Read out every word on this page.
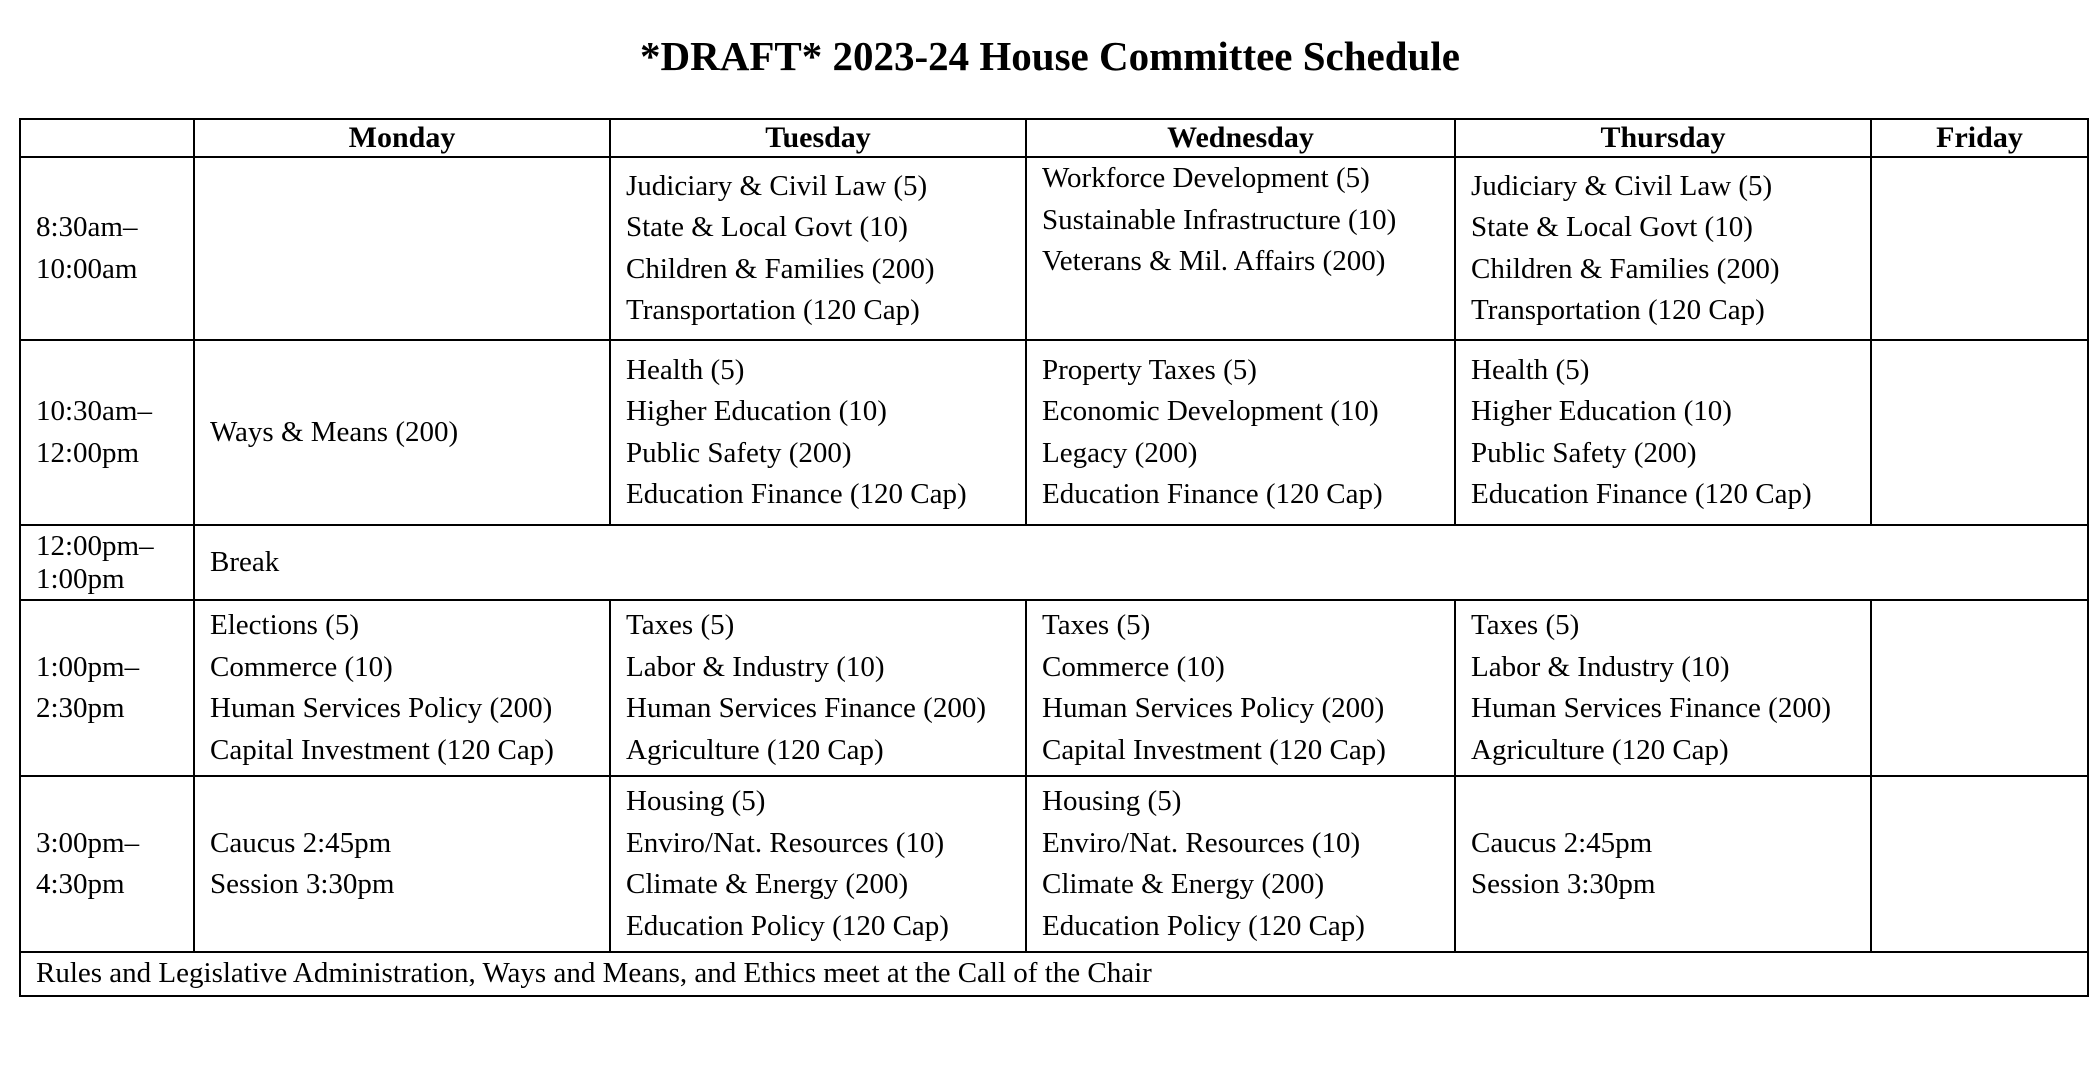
*DRAFT* 2023-24 House Committee Schedule
	Monday	Tuesday	Wednesday	Thursday	Friday

8:30am–
10:00am		Judiciary & Civil Law (5)
State & Local Govt (10)
Children & Families (200)
Transportation (120 Cap)	Workforce Development (5)
Sustainable Infrastructure (10)
Veterans & Mil. Affairs (200)	Judiciary & Civil Law (5)
State & Local Govt (10)
Children & Families (200)
Transportation (120 Cap)	

10:30am–
12:00pm	Ways & Means (200)	Health (5)
Higher Education (10)
Public Safety (200)
Education Finance (120 Cap)	Property Taxes (5)
Economic Development (10)
Legacy (200)
Education Finance (120 Cap)	Health (5)
Higher Education (10)
Public Safety (200)
Education Finance (120 Cap)	

12:00pm–
1:00pm	Break				

1:00pm–
2:30pm	Elections (5)
Commerce (10)
Human Services Policy (200)
Capital Investment (120 Cap)	Taxes (5)
Labor & Industry (10)
Human Services Finance (200)
Agriculture (120 Cap)	Taxes (5)
Commerce (10)
Human Services Policy (200)
Capital Investment (120 Cap)	Taxes (5)
Labor & Industry (10)
Human Services Finance (200)
Agriculture (120 Cap)	

3:00pm–
4:30pm	Caucus 2:45pm
Session 3:30pm	Housing (5)
Enviro/Nat. Resources (10)
Climate & Energy (200)
Education Policy (120 Cap)	Housing (5)
Enviro/Nat. Resources (10)
Climate & Energy (200)
Education Policy (120 Cap)	Caucus 2:45pm
Session 3:30pm	

Rules and Legislative Administration, Ways and Means, and Ethics meet at the Call of the Chair					
